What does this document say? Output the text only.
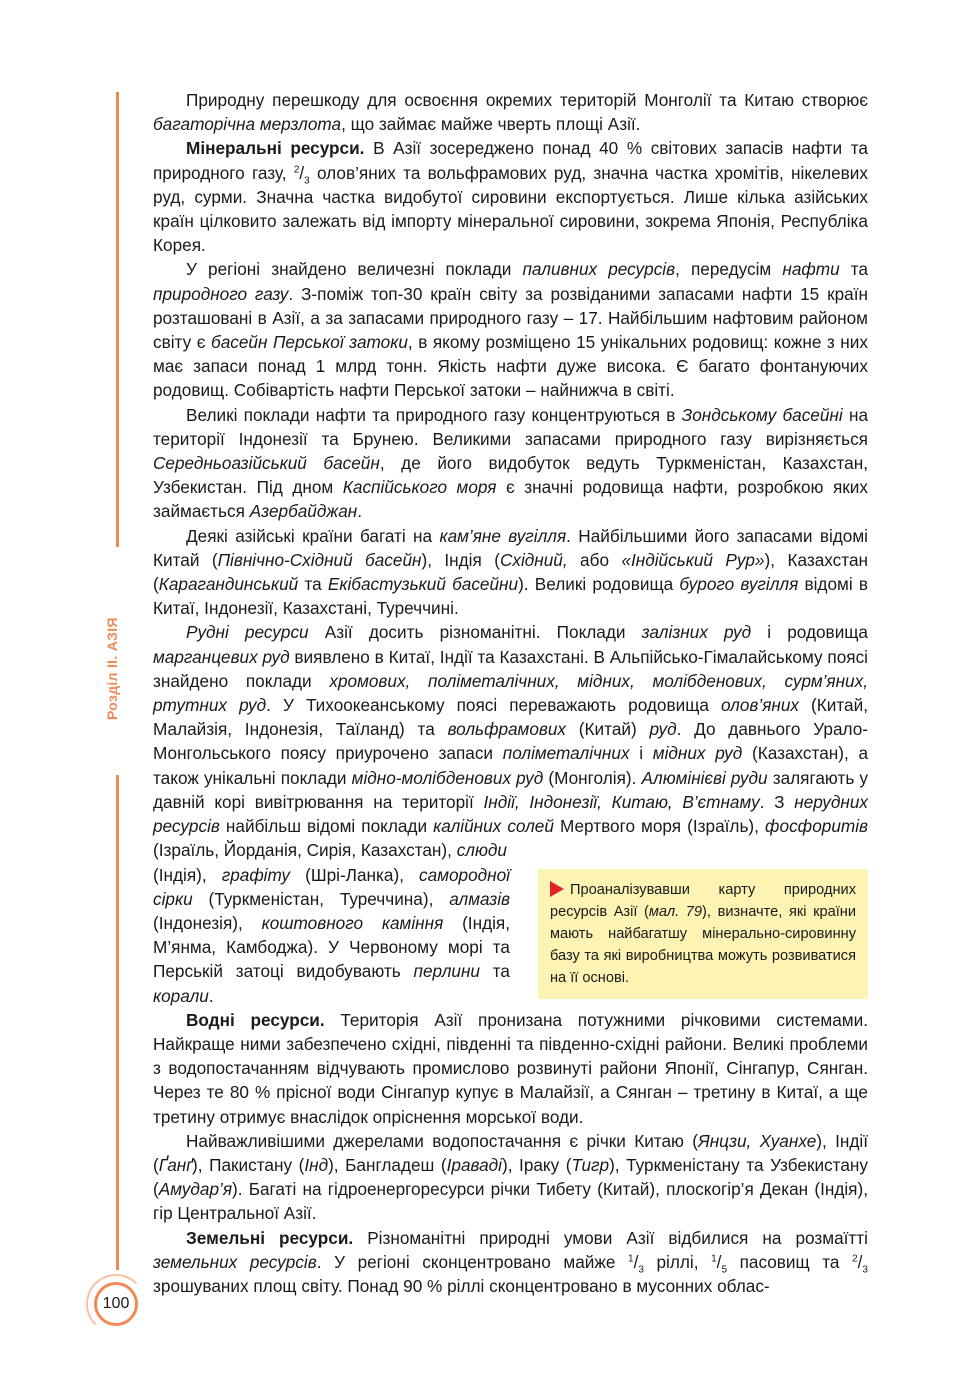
Розділ II. АЗІЯ

Природну перешкоду для освоєння окремих територій Монголії та Китаю створює багаторічна мерзлота, що займає майже чверть площі Азії.

Мінеральні ресурси. В Азії зосереджено понад 40 % світових запасів нафти та природного газу, $^2/_3$ олов’яних та вольфрамових руд, значна частка хромітів, нікелевих руд, сурми. Значна частка видобутої сировини експортується. Лише кілька азійських країн цілковито залежать від імпорту мінеральної сировини, зокрема Японія, Республіка Корея.

У регіоні знайдено величезні поклади паливних ресурсів, передусім нафти та природного газу. З-поміж топ-30 країн світу за розвіданими запасами нафти 15 країн розташовані в Азії, а за запасами природного газу – 17. Найбільшим нафтовим районом світу є басейн Перської затоки, в якому розміщено 15 унікальних родовищ: кожне з них має запаси понад 1 млрд тонн. Якість нафти дуже висока. Є багато фонтануючих родовищ. Собівартість нафти Перської затоки – найнижча в світі.

Великі поклади нафти та природного газу концентруються в Зондському басейні на території Індонезії та Брунею. Великими запасами природного газу вирізняється Середньоазійський басейн, де його видобуток ведуть Туркменістан, Казахстан, Узбекистан. Під дном Каспійського моря є значні родовища нафти, розробкою яких займається Азербайджан.

Деякі азійські країни багаті на кам’яне вугілля. Найбільшими його запасами відомі Китай (Північно-Східний басейн), Індія (Східний, або «Індійський Рур»), Казахстан (Карагандинський та Екібастузький басейни). Великі родовища бурого вугілля відомі в Китаї, Індонезії, Казахстані, Туреччині.

Рудні ресурси Азії досить різноманітні. Поклади залізних руд і родовища марганцевих руд виявлено в Китаї, Індії та Казахстані. В Альпійсько-Гімалайському поясі знайдено поклади хромових, поліметалічних, мідних, молібденових, сурм’яних, ртутних руд. У Тихоокеанському поясі переважають родовища олов’яних (Китай, Малайзія, Індонезія, Таїланд) та вольфрамових (Китай) руд. До давнього Урало-Монгольського поясу приурочено запаси поліметалічних і мідних руд (Казахстан), а також унікальні поклади мідно-молібденових руд (Монголія). Алюмінієві руди залягають у давній корі вивітрювання на території Індії, Індонезії, Китаю, В’єтнаму. З нерудних ресурсів найбільш відомі поклади калійних солей Мертвого моря (Ізраїль), фосфоритів (Ізраїль, Йорданія, Сирія, Казахстан), слюди

(Індія), графіту (Шрі-Ланка), самородної сірки (Туркменістан, Туреччина), алмазів (Індонезія), коштовного каміння (Індія, М’янма, Камбоджа). У Червоному морі та Перській затоці видобувають перлини та корали.

Проаналізувавши карту природних ресурсів Азії (мал. 79), визначте, які країни мають найбагатшу мінерально-сировинну базу та які виробництва можуть розвиватися на її основі.

Водні ресурси. Територія Азії пронизана потужними річковими системами. Найкраще ними забезпечено східні, південні та південно-східні райони. Великі проблеми з водопостачанням відчувають промислово розвинуті райони Японії, Сінгапур, Сянган. Через те 80 % прісної води Сінгапур купує в Малайзії, а Сянган – третину в Китаї, а ще третину отримує внаслідок опріснення морської води.

Найважливішими джерелами водопостачання є річки Китаю (Янцзи, Хуанхе), Індії (Ґанґ), Пакистану (Інд), Бангладеш (Іраваді), Іраку (Тигр), Туркменістану та Узбекистану (Амудар’я). Багаті на гідроенергоресурси річки Тибету (Китай), плоскогір’я Декан (Індія), гір Центральної Азії.

Земельні ресурси. Різноманітні природні умови Азії відбилися на розмаїтті земельних ресурсів. У регіоні сконцентровано майже $^1/_3$ ріллі, $^1/_5$ пасовищ та $^2/_3$ зрошуваних площ світу. Понад 90 % ріллі сконцентровано в мусонних облас-

100
